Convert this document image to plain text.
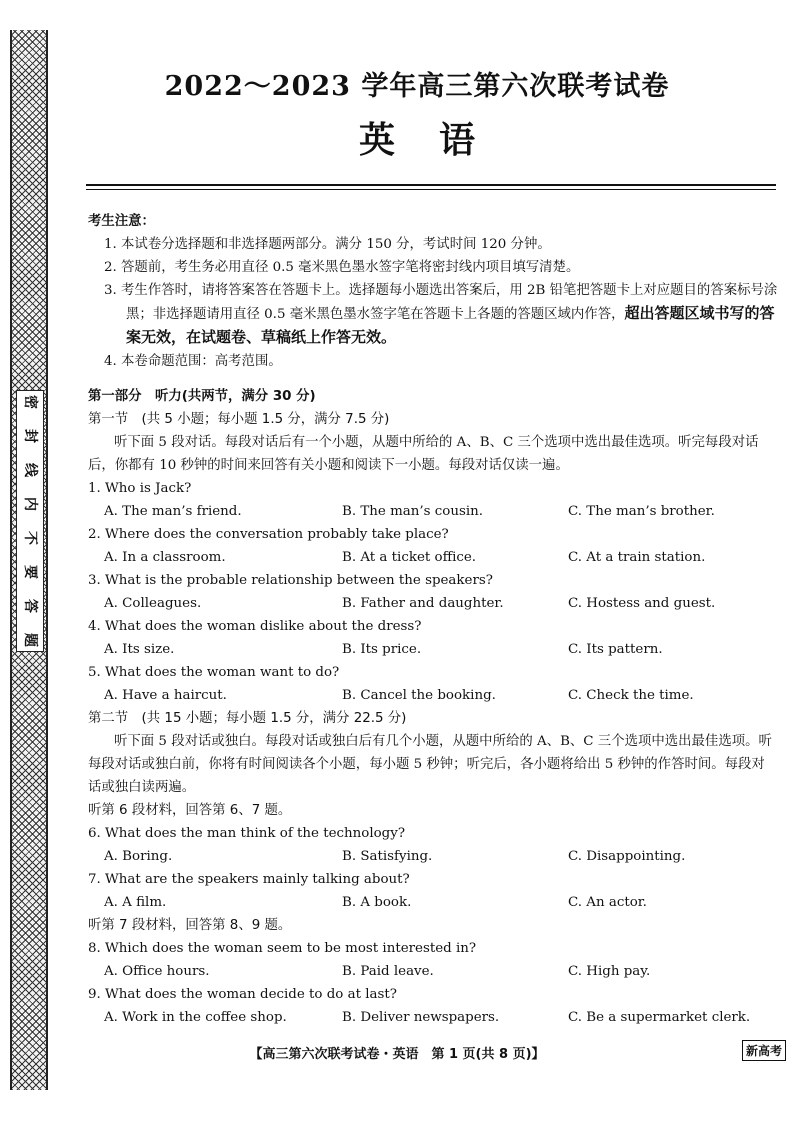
密
封
线
内
不
要
答
题
2022～2023 学年高三第六次联考试卷
英语
考生注意：

1. 本试卷分选择题和非选择题两部分。满分 150 分，考试时间 120 分钟。

2. 答题前，考生务必用直径 0.5 毫米黑色墨水签字笔将密封线内项目填写清楚。

3. 考生作答时，请将答案答在答题卡上。选择题每小题选出答案后，用 2B 铅笔把答题卡上对应题目的答案标号涂黑；非选择题请用直径 0.5 毫米黑色墨水签字笔在答题卡上各题的答题区域内作答，超出答题区域书写的答案无效，在试题卷、草稿纸上作答无效。

4. 本卷命题范围：高考范围。

第一部分　听力(共两节，满分 30 分)
第一节　(共 5 小题；每小题 1.5 分，满分 7.5 分)

听下面 5 段对话。每段对话后有一个小题，从题中所给的 A、B、C 三个选项中选出最佳选项。听完每段对话后，你都有 10 秒钟的时间来回答有关小题和阅读下一小题。每段对话仅读一遍。

1. Who is Jack?

A. The man’s friend.	B. The man’s cousin.	C. The man’s brother.

2. Where does the conversation probably take place?

A. In a classroom.	B. At a ticket office.	C. At a train station.

3. What is the probable relationship between the speakers?

A. Colleagues.	B. Father and daughter.	C. Hostess and guest.

4. What does the woman dislike about the dress?

A. Its size.	B. Its price.	C. Its pattern.

5. What does the woman want to do?

A. Have a haircut.	B. Cancel the booking.	C. Check the time.

第二节　(共 15 小题；每小题 1.5 分，满分 22.5 分)

听下面 5 段对话或独白。每段对话或独白后有几个小题，从题中所给的 A、B、C 三个选项中选出最佳选项。听每段对话或独白前，你将有时间阅读各个小题，每小题 5 秒钟；听完后，各小题将给出 5 秒钟的作答时间。每段对话或独白读两遍。

听第 6 段材料，回答第 6、7 题。

6. What does the man think of the technology?

A. Boring.	B. Satisfying.	C. Disappointing.

7. What are the speakers mainly talking about?

A. A film.	B. A book.	C. An actor.

听第 7 段材料，回答第 8、9 题。

8. Which does the woman seem to be most interested in?

A. Office hours.	B. Paid leave.	C. High pay.

9. What does the woman decide to do at last?

A. Work in the coffee shop.	B. Deliver newspapers.	C. Be a supermarket clerk.

【高三第六次联考试卷・英语　第 1 页(共 8 页)】	新高考
